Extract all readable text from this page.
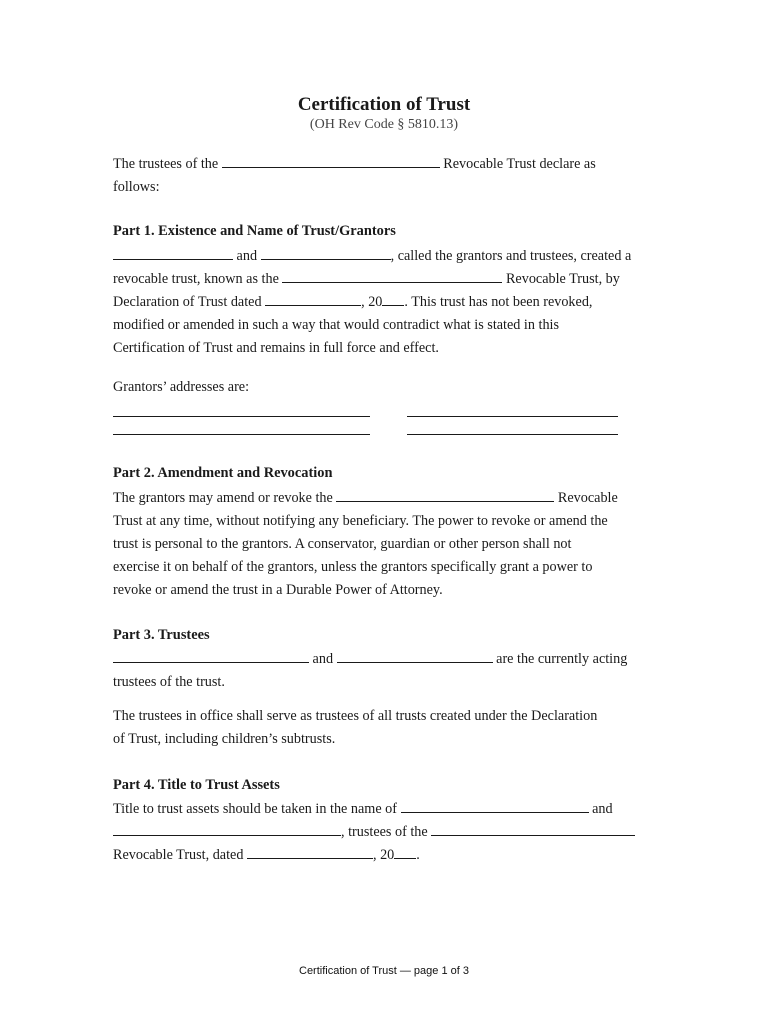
Certification of Trust
(OH Rev Code § 5810.13)
The trustees of the	Revocable Trust declare as
follows:
Part 1. Existence and Name of Trust/Grantors
and	, called the grantors and trustees, created a
revocable trust, known as the	Revocable Trust, by
Declaration of Trust dated	, 20 . This trust has not been revoked,
modified or amended in such a way that would contradict what is stated in this
Certification of Trust and remains in full force and effect.
Grantors’ addresses are:
Part 2. Amendment and Revocation
The grantors may amend or revoke the	Revocable
Trust at any time, without notifying any beneficiary. The power to revoke or amend the
trust is personal to the grantors. A conservator, guardian or other person shall not
exercise it on behalf of the grantors, unless the grantors specifically grant a power to
revoke or amend the trust in a Durable Power of Attorney.
Part 3. Trustees
and	are the currently acting
trustees of the trust.
The trustees in office shall serve as trustees of all trusts created under the Declaration
of Trust, including children’s subtrusts.
Part 4. Title to Trust Assets
Title to trust assets should be taken in the name of	and
, trustees of the
Revocable Trust, dated	, 20 .
Certification of Trust — page 1 of 3
